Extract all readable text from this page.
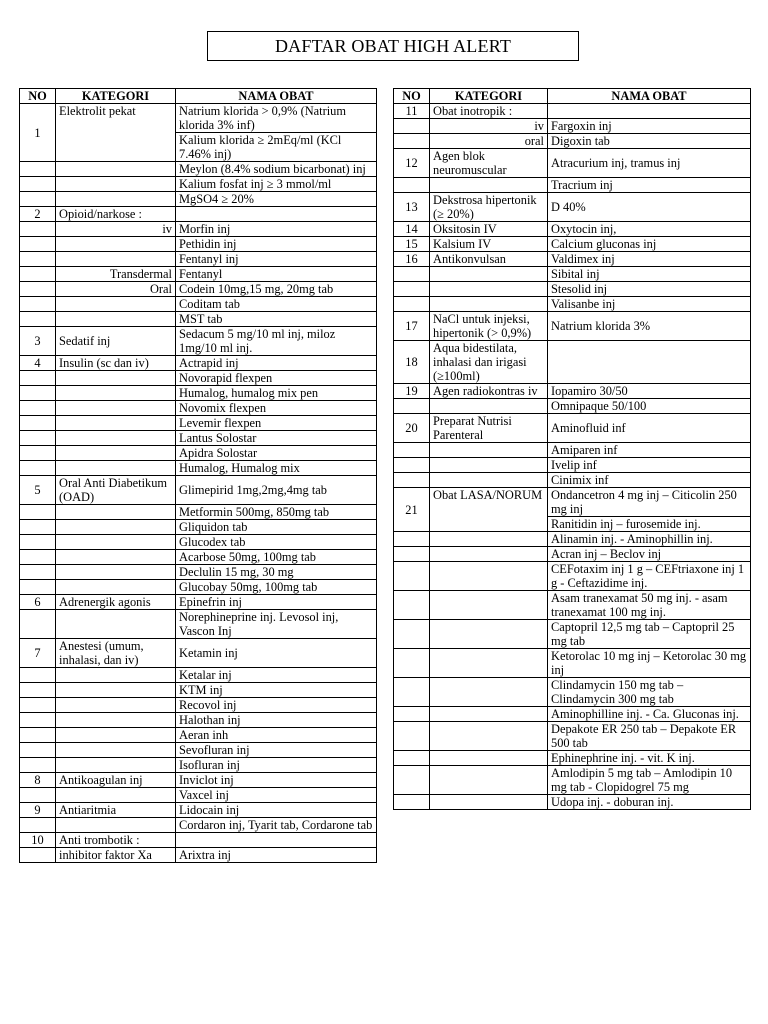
DAFTAR OBAT HIGH ALERT
NO	KATEGORI	NAMA OBAT
1	Elektrolit pekat	Natrium klorida > 0,9% (Natrium klorida 3% inf)
		Kalium klorida ≥ 2mEq/ml (KCl 7.46% inj)
		Meylon (8.4% sodium bicarbonat) inj
		Kalium fosfat inj ≥ 3 mmol/ml
		MgSO4 ≥ 20%
2	Opioid/narkose :	
	iv	Morfin inj
		Pethidin inj
		Fentanyl inj
	Transdermal	Fentanyl
	Oral	Codein 10mg,15 mg, 20mg tab
		Coditam tab
		MST tab
3	Sedatif inj	Sedacum 5 mg/10 ml inj, miloz 1mg/10 ml inj.
4	Insulin (sc dan iv)	Actrapid inj
		Novorapid flexpen
		Humalog, humalog mix pen
		Novomix flexpen
		Levemir flexpen
		Lantus Solostar
		Apidra Solostar
		Humalog, Humalog mix
5	Oral Anti Diabetikum (OAD)	Glimepirid 1mg,2mg,4mg tab
		Metformin 500mg, 850mg tab
		Gliquidon tab
		Glucodex tab
		Acarbose 50mg, 100mg tab
		Declulin 15 mg, 30 mg
		Glucobay 50mg, 100mg tab
6	Adrenergik agonis	Epinefrin inj
		Norephineprine inj. Levosol inj, Vascon Inj
7	Anestesi (umum, inhalasi, dan iv)	Ketamin inj
		Ketalar inj
		KTM inj
		Recovol inj
		Halothan inj
		Aeran inh
		Sevofluran inj
		Isofluran inj
8	Antikoagulan inj	Inviclot inj
		Vaxcel inj
9	Antiaritmia	Lidocain inj
		Cordaron inj, Tyarit tab, Cordarone tab
10	Anti trombotik :	
	inhibitor faktor Xa	Arixtra inj
NO	KATEGORI	NAMA OBAT
11	Obat inotropik :	
	iv	Fargoxin inj
	oral	Digoxin tab
12	Agen blok neuromuscular	Atracurium inj, tramus inj
		Tracrium inj
13	Dekstrosa hipertonik (≥ 20%)	D 40%
14	Oksitosin IV	Oxytocin inj,
15	Kalsium IV	Calcium gluconas inj
16	Antikonvulsan	Valdimex inj
		Sibital inj
		Stesolid inj
		Valisanbe inj
17	NaCl untuk injeksi, hipertonik (> 0,9%)	Natrium klorida 3%
18	Aqua bidestilata, inhalasi dan irigasi (≥100ml)	
19	Agen radiokontras iv	Iopamiro 30/50
		Omnipaque 50/100
20	Preparat Nutrisi Parenteral	Aminofluid inf
		Amiparen inf
		Ivelip inf
		Cinimix inf
21	Obat LASA/NORUM	Ondancetron 4 mg inj – Citicolin 250 mg inj
		Ranitidin inj – furosemide inj.
		Alinamin inj. - Aminophillin inj.
		Acran inj – Beclov inj
		CEFotaxim inj 1 g – CEFtriaxone inj 1 g - Ceftazidime inj.
		Asam tranexamat 50 mg inj. - asam tranexamat 100 mg inj.
		Captopril 12,5 mg tab – Captopril 25 mg tab
		Ketorolac 10 mg inj – Ketorolac 30 mg inj
		Clindamycin 150 mg tab – Clindamycin 300 mg tab
		Aminophilline inj. - Ca. Gluconas inj.
		Depakote ER 250 tab – Depakote ER 500 tab
		Ephinephrine inj. - vit. K inj.
		Amlodipin 5 mg tab – Amlodipin 10 mg tab - Clopidogrel 75 mg
		Udopa inj. - doburan inj.
